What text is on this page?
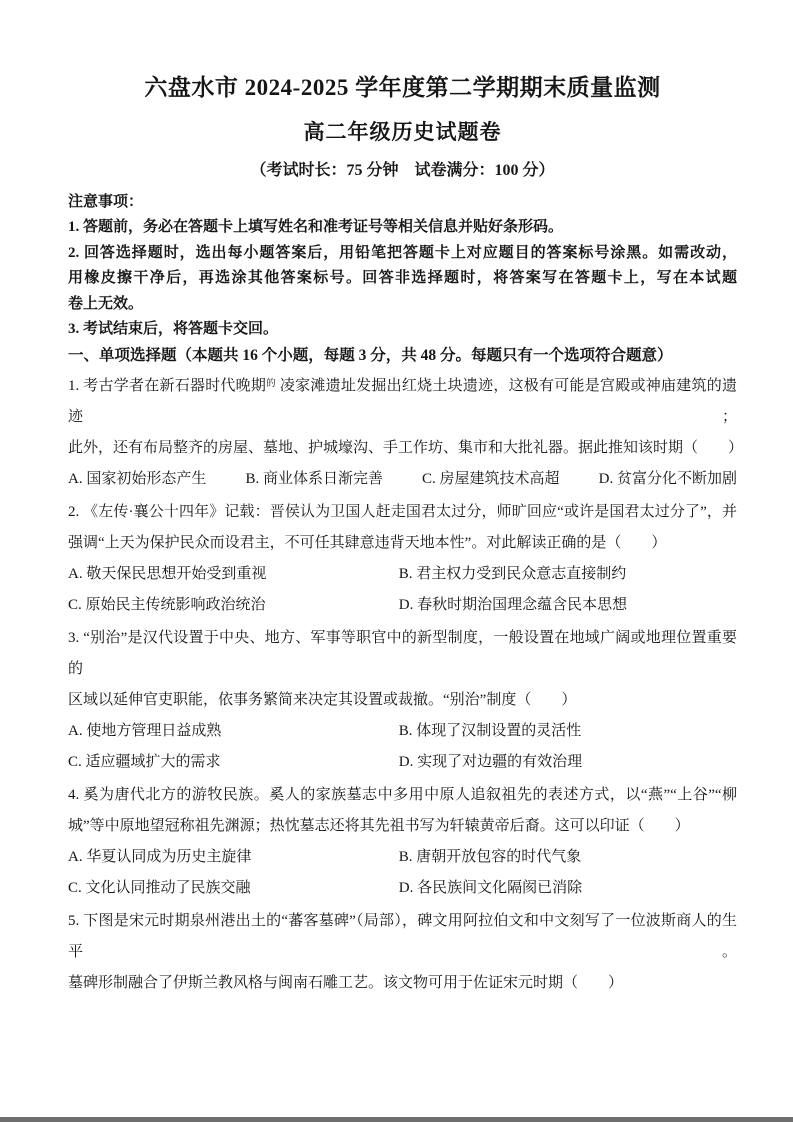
六盘水市 2024-2025 学年度第二学期期末质量监测
高二年级历史试题卷
（考试时长：75 分钟　试卷满分：100 分）
注意事项：
1. 答题前，务必在答题卡上填写姓名和准考证号等相关信息并贴好条形码。
2. 回答选择题时，选出每小题答案后，用铅笔把答题卡上对应题目的答案标号涂黑。如需改动，
用橡皮擦干净后，再选涂其他答案标号。回答非选择题时，将答案写在答题卡上，写在本试题
卷上无效。
3. 考试结束后，将答题卡交回。
一、单项选择题（本题共 16 个小题，每题 3 分，共 48 分。每题只有一个选项符合题意）
1. 考古学者在新石器时代晚期$^的$ 凌家滩遗址发掘出红烧土块遗迹，这极有可能是宫殿或神庙建筑的遗迹；
此外，还有布局整齐的房屋、墓地、护城壕沟、手工作坊、集市和大批礼器。据此推知该时期（　　）
A. 国家初始形态产生	B. 商业体系日渐完善	C. 房屋建筑技术高超	D. 贫富分化不断加剧
2. 《左传·襄公十四年》记载：晋侯认为卫国人赶走国君太过分，师旷回应“或许是国君太过分了”，并
强调“上天为保护民众而设君主，不可任其肆意违背天地本性”。对此解读正确的是（　　）
A. 敬天保民思想开始受到重视	B. 君主权力受到民众意志直接制约
C. 原始民主传统影响政治统治	D. 春秋时期治国理念蕴含民本思想
3. “别治”是汉代设置于中央、地方、军事等职官中的新型制度，一般设置在地域广阔或地理位置重要的
区域以延伸官吏职能，依事务繁简来决定其设置或裁撤。“别治”制度（　　）
A. 使地方管理日益成熟	B. 体现了汉制设置的灵活性
C. 适应疆域扩大的需求	D. 实现了对边疆的有效治理
4. 奚为唐代北方的游牧民族。奚人的家族墓志中多用中原人追叙祖先的表述方式，以“燕”“上谷”“柳
城”等中原地望冠称祖先渊源；热忱墓志还将其先祖书写为轩辕黄帝后裔。这可以印证（　　）
A. 华夏认同成为历史主旋律	B. 唐朝开放包容的时代气象
C. 文化认同推动了民族交融	D. 各民族间文化隔阂已消除
5. 下图是宋元时期泉州港出土的“蕃客墓碑”（局部），碑文用阿拉伯文和中文刻写了一位波斯商人的生平。
墓碑形制融合了伊斯兰教风格与闽南石雕工艺。该文物可用于佐证宋元时期（　　）
